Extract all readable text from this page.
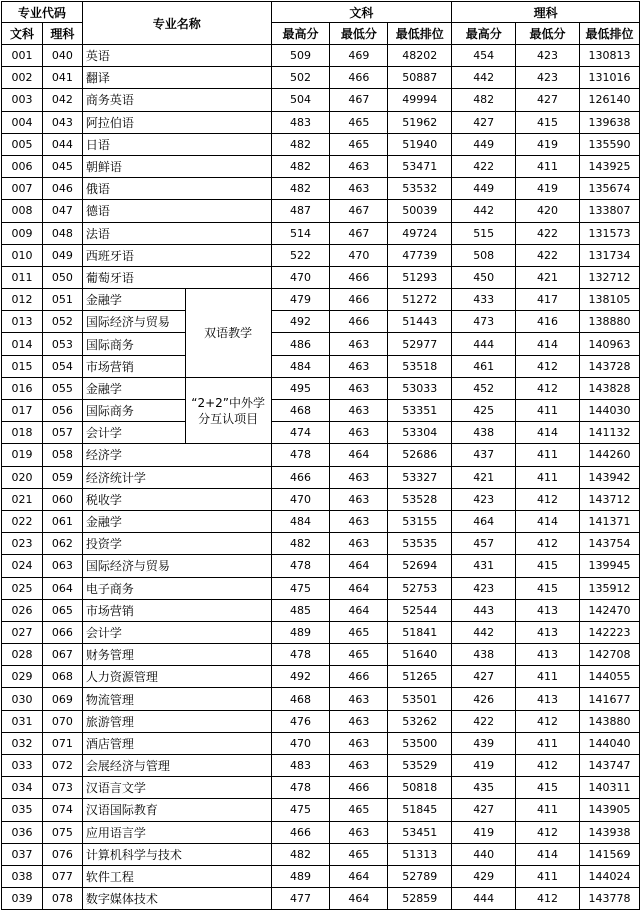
专业代码		专业名称		文科			理科		
文科	理科			最高分	最低分	最低排位	最高分	最低分	最低排位
001	040	英语		509	469	48202	454	423	130813
002	041	翻译		502	466	50887	442	423	131016
003	042	商务英语		504	467	49994	482	427	126140
004	043	阿拉伯语		483	465	51962	427	415	139638
005	044	日语		482	465	51940	449	419	135590
006	045	朝鲜语		482	463	53471	422	411	143925
007	046	俄语		482	463	53532	449	419	135674
008	047	德语		487	467	50039	442	420	133807
009	048	法语		514	467	49724	515	422	131573
010	049	西班牙语		522	470	47739	508	422	131734
011	050	葡萄牙语		470	466	51293	450	421	132712
012	051	金融学	双语教学	479	466	51272	433	417	138105
013	052	国际经济与贸易		492	466	51443	473	416	138880
014	053	国际商务		486	463	52977	444	414	140963
015	054	市场营销		484	463	53518	461	412	143728
016	055	金融学	“2+2”中外学分互认项目	495	463	53033	452	412	143828
017	056	国际商务		468	463	53351	425	411	144030
018	057	会计学		474	463	53304	438	414	141132
019	058	经济学		478	464	52686	437	411	144260
020	059	经济统计学		466	463	53327	421	411	143942
021	060	税收学		470	463	53528	423	412	143712
022	061	金融学		484	463	53155	464	414	141371
023	062	投资学		482	463	53535	457	412	143754
024	063	国际经济与贸易		478	464	52694	431	415	139945
025	064	电子商务		475	464	52753	423	415	135912
026	065	市场营销		485	464	52544	443	413	142470
027	066	会计学		489	465	51841	442	413	142223
028	067	财务管理		478	465	51640	438	413	142708
029	068	人力资源管理		492	466	51265	427	411	144055
030	069	物流管理		468	463	53501	426	413	141677
031	070	旅游管理		476	463	53262	422	412	143880
032	071	酒店管理		470	463	53500	439	411	144040
033	072	会展经济与管理		483	463	53529	419	412	143747
034	073	汉语言文学		478	466	50818	435	415	140311
035	074	汉语国际教育		475	465	51845	427	411	143905
036	075	应用语言学		466	463	53451	419	412	143938
037	076	计算机科学与技术		482	465	51313	440	414	141569
038	077	软件工程		489	464	52789	429	411	144024
039	078	数字媒体技术		477	464	52859	444	412	143778
